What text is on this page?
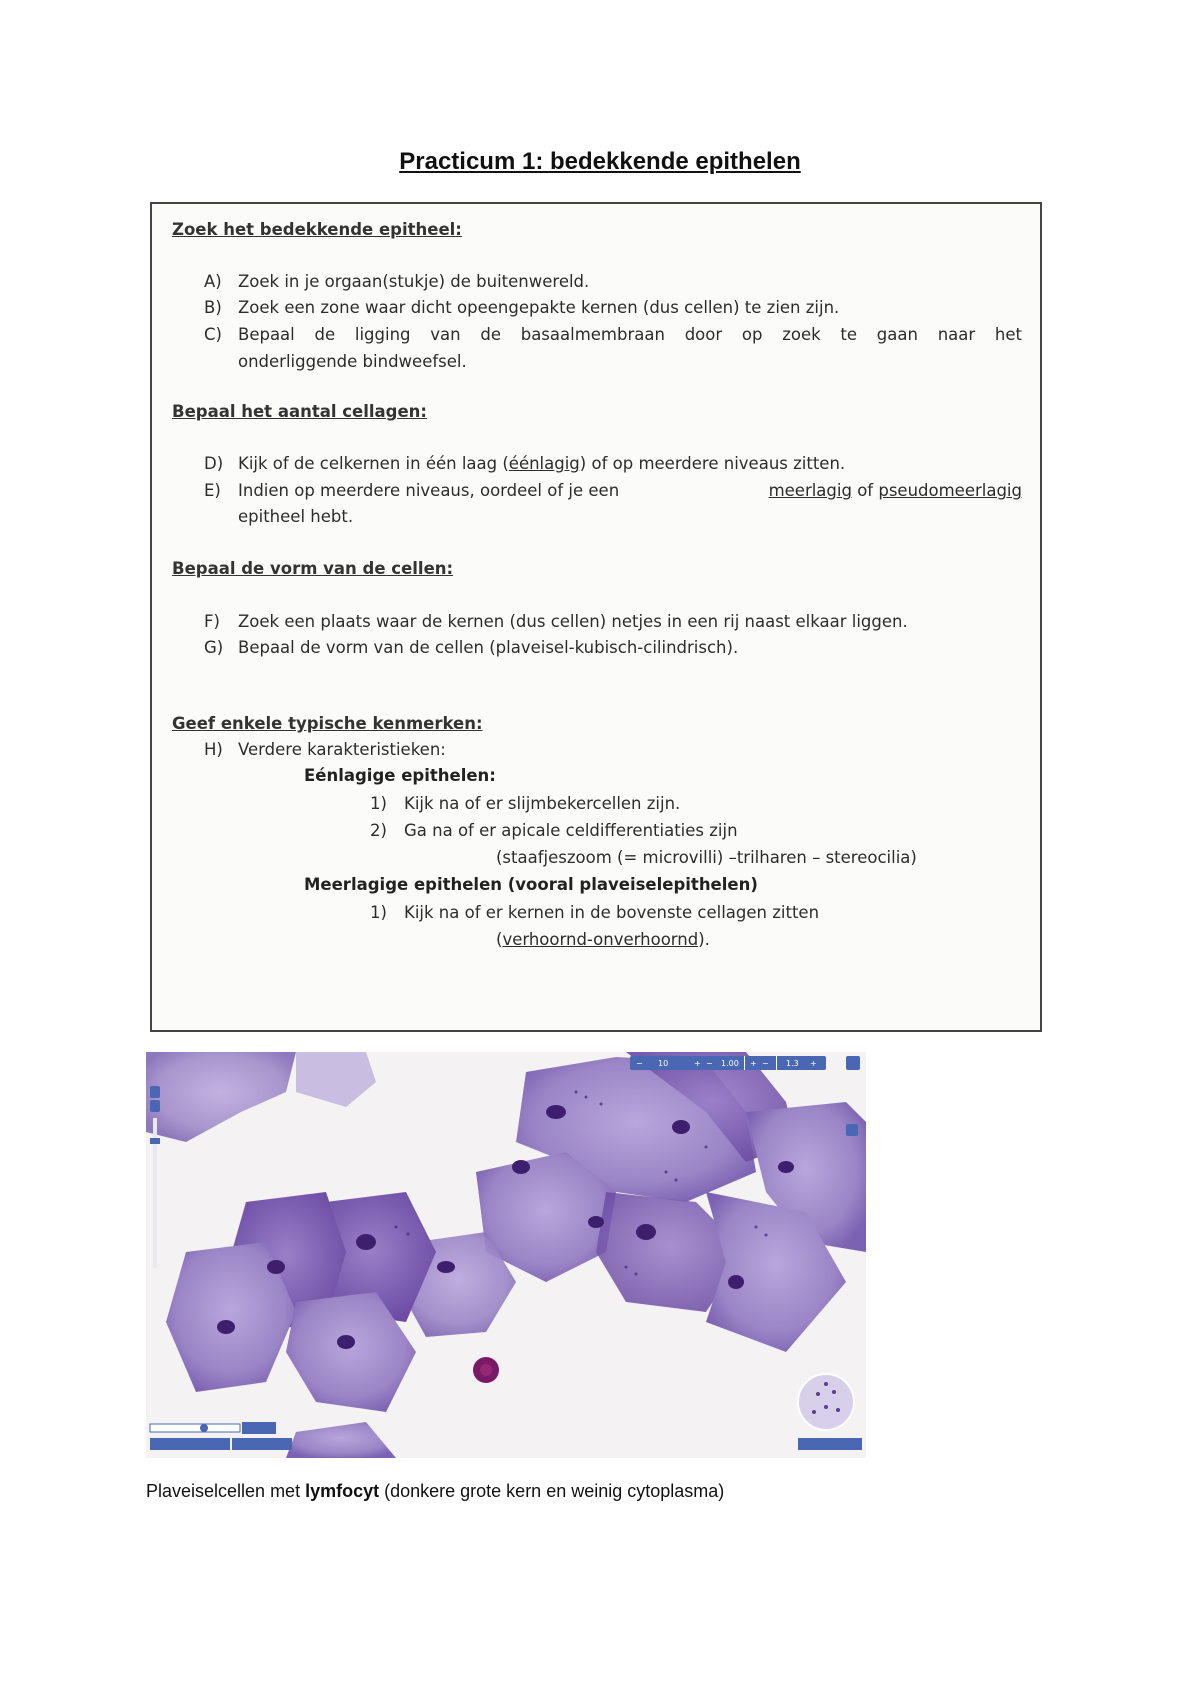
Practicum 1: bedekkende epithelen
Zoek het bedekkende epitheel:
A) Zoek in je orgaan(stukje) de buitenwereld.
B) Zoek een zone waar dicht opeengepakte kernen (dus cellen) te zien zijn.
C) Bepaal de ligging van de basaalmembraan door op zoek te gaan naar het
onderliggende bindweefsel.
Bepaal het aantal cellagen:
D) Kijk of de celkernen in één laag (éénlagig) of op meerdere niveaus zitten.
E)	Indien op meerdere niveaus, oordeel of je een	meerlagig of pseudomeerlagig
epitheel hebt.
Bepaal de vorm van de cellen:
F)	Zoek een plaats waar de kernen (dus cellen) netjes in een rij naast elkaar liggen.
G) Bepaal de vorm van de cellen (plaveisel-kubisch-cilindrisch).
Geef enkele typische kenmerken:
H) Verdere karakteristieken:
Eénlagige epithelen:
1)	Kijk na of er slijmbekercellen zijn.
2)	Ga na of er apicale celdifferentiaties zijn
(staafjeszoom (= microvilli) –trilharen – stereocilia)
Meerlagige epithelen (vooral plaveiselepithelen)
1)	Kijk na of er kernen in de bovenste cellagen zitten
(verhoornd-onverhoornd).
− 10	+ − 1.00 + − 1.3 +
Plaveiselcellen met lymfocyt (donkere grote kern en weinig cytoplasma)
